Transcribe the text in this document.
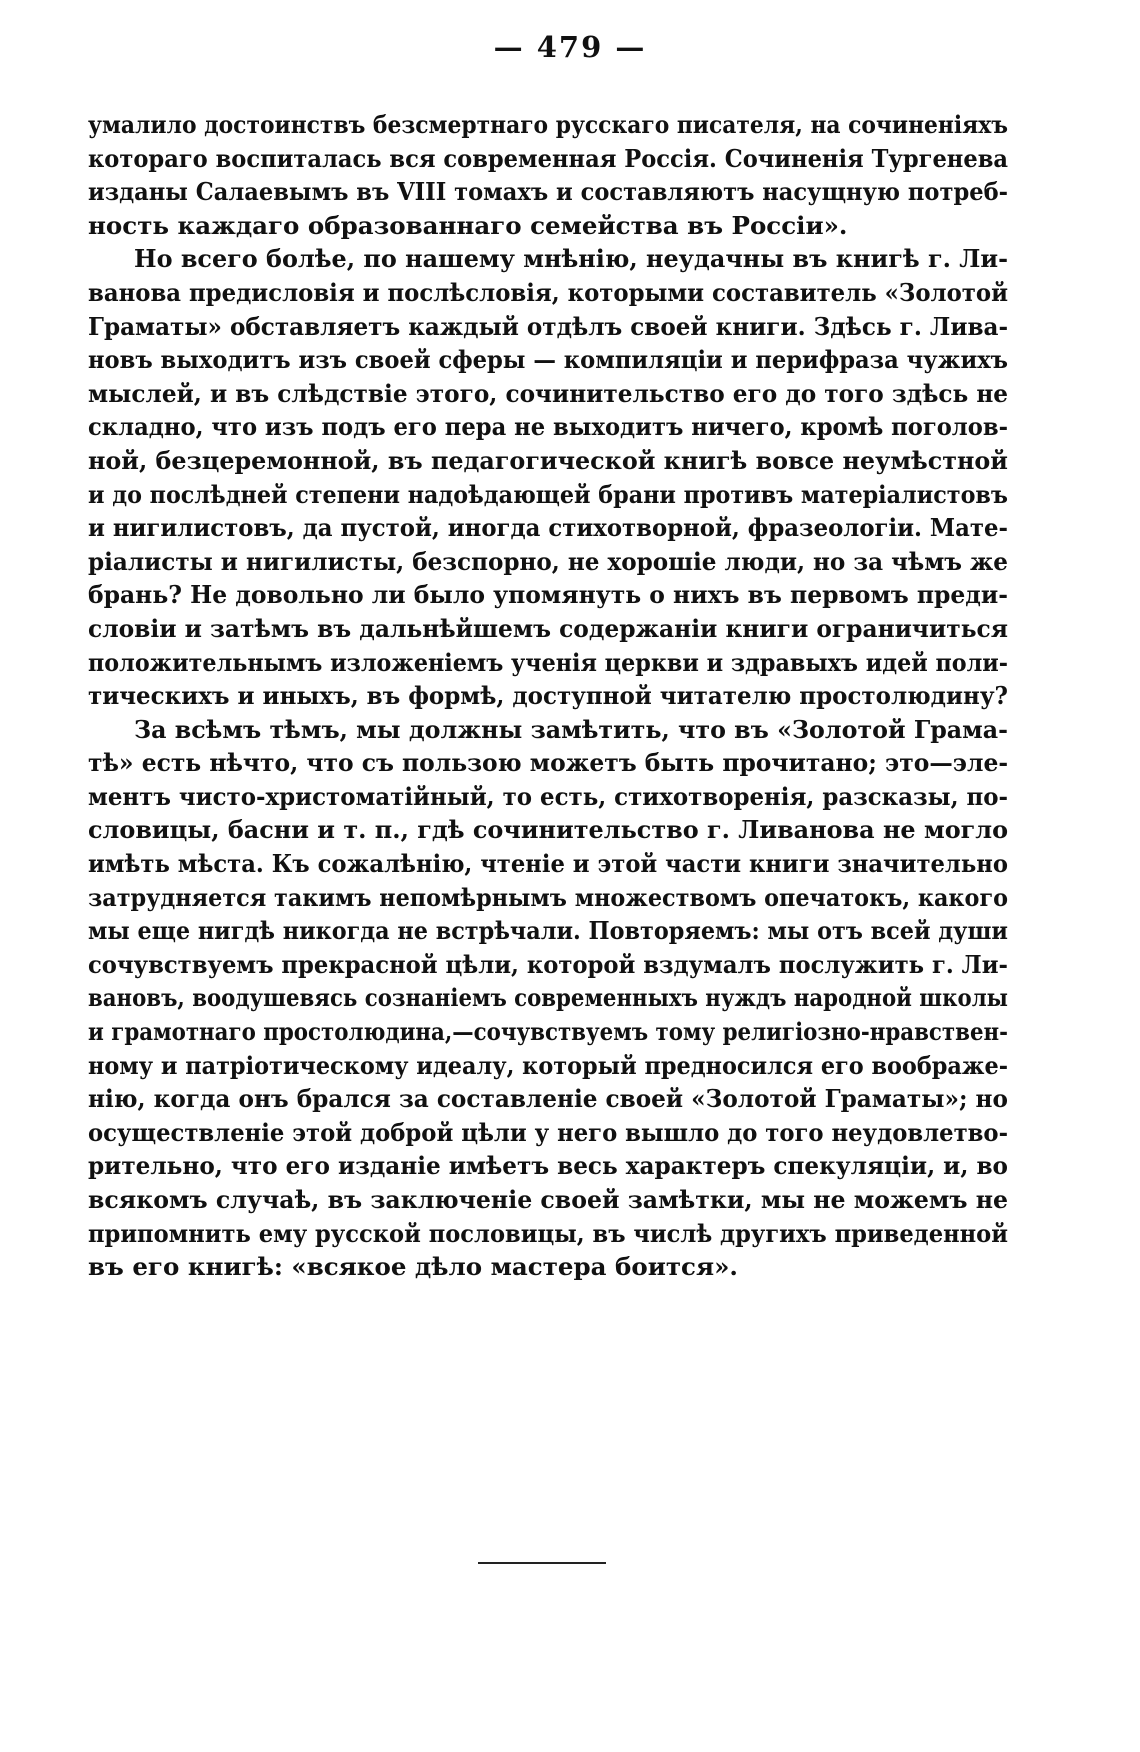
— 479 —
умалило достоинствъ безсмертнаго русскаго писателя, на сочиненіяхъ
котораго воспиталась вся современная Россія. Сочиненія Тургенева
изданы Салаевымъ въ VIII томахъ и составляютъ насущную потреб-
ность каждаго образованнаго семейства въ Россіи».
Но всего болѣе, по нашему мнѣнію, неудачны въ книгѣ г. Ли-
ванова предисловія и послѣсловія, которыми составитель «Золотой
Граматы» обставляетъ каждый отдѣлъ своей книги. Здѣсь г. Лива-
новъ выходитъ изъ своей сферы — компиляціи и перифраза чужихъ
мыслей, и въ слѣдствіе этого, сочинительство его до того здѣсь не
складно, что изъ подъ его пера не выходитъ ничего, кромѣ поголов-
ной, безцеремонной, въ педагогической книгѣ вовсе неумѣстной
и до послѣдней степени надоѣдающей брани противъ матеріалистовъ
и нигилистовъ, да пустой, иногда стихотворной, фразеологіи. Мате-
ріалисты и нигилисты, безспорно, не хорошіе люди, но за чѣмъ же
брань? Не довольно ли было упомянуть о нихъ въ первомъ преди-
словіи и затѣмъ въ дальнѣйшемъ содержаніи книги ограничиться
положительнымъ изложеніемъ ученія церкви и здравыхъ идей поли-
тическихъ и иныхъ, въ формѣ, доступной читателю простолюдину?
За всѣмъ тѣмъ, мы должны замѣтить, что въ «Золотой Грама-
тѣ» есть нѣчто, что съ пользою можетъ быть прочитано; это—эле-
ментъ чисто-христоматійный, то есть, стихотворенія, разсказы, по-
словицы, басни и т. п., гдѣ сочинительство г. Ливанова не могло
имѣть мѣста. Къ сожалѣнію, чтеніе и этой части книги значительно
затрудняется такимъ непомѣрнымъ множествомъ опечатокъ, какого
мы еще нигдѣ никогда не встрѣчали. Повторяемъ: мы отъ всей души
сочувствуемъ прекрасной цѣли, которой вздумалъ послужить г. Ли-
вановъ, воодушевясь сознаніемъ современныхъ нуждъ народной школы
и грамотнаго простолюдина,—сочувствуемъ тому религіозно-нравствен-
ному и патріотическому идеалу, который предносился его воображе-
нію, когда онъ брался за составленіе своей «Золотой Граматы»; но
осуществленіе этой доброй цѣли у него вышло до того неудовлетво-
рительно, что его изданіе имѣетъ весь характеръ спекуляціи, и, во
всякомъ случаѣ, въ заключеніе своей замѣтки, мы не можемъ не
припомнить ему русской пословицы, въ числѣ другихъ приведенной
въ его книгѣ: «всякое дѣло мастера боится».
